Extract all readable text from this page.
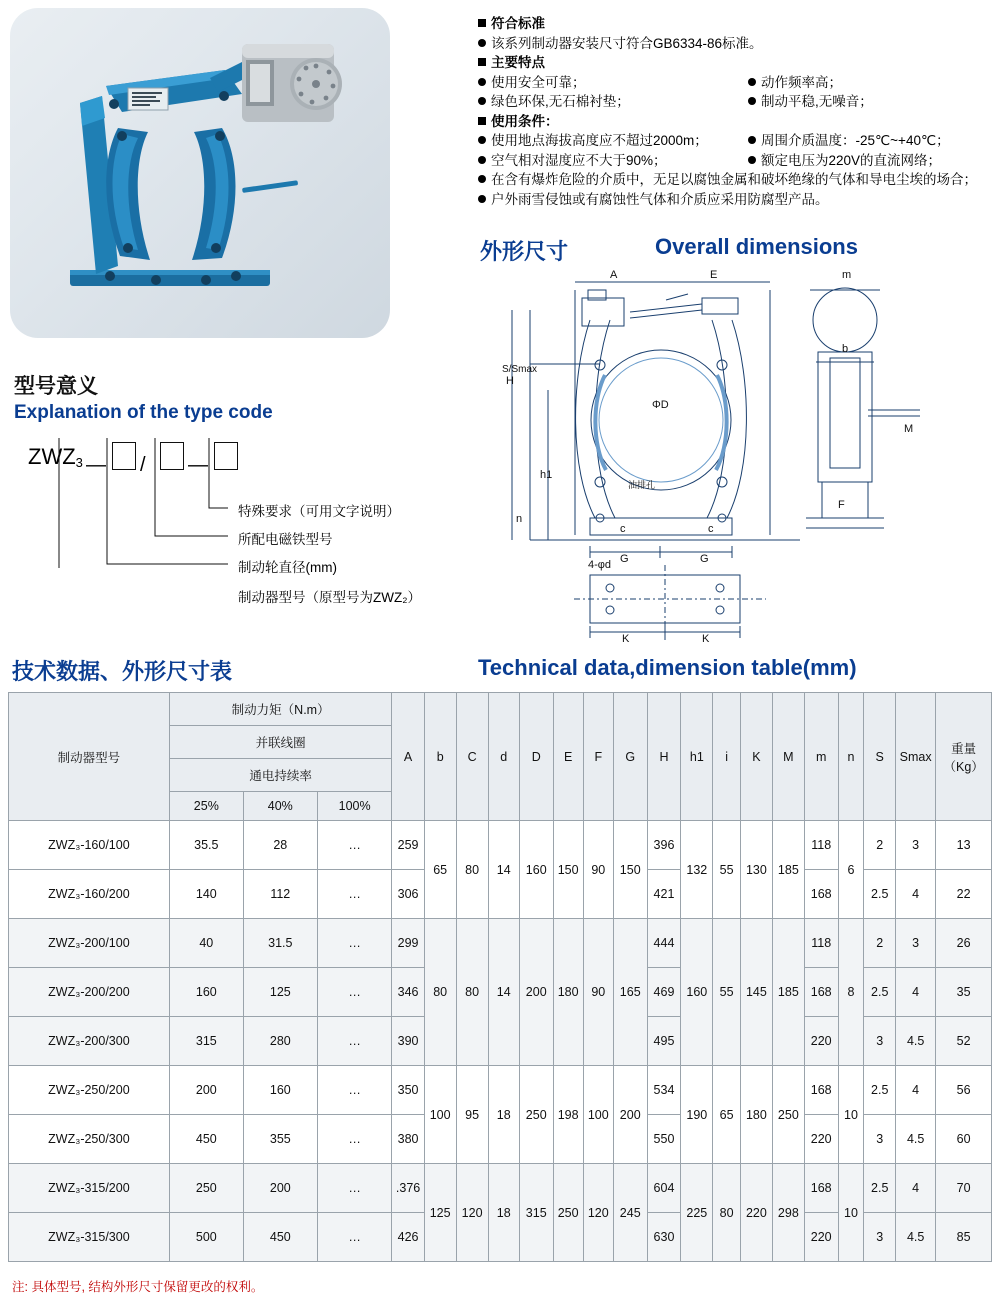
符合标准
该系列制动器安装尺寸符合GB6334-86标准。
主要特点
使用安全可靠；	动作频率高；
绿色环保,无石棉衬垫；	制动平稳,无噪音；
使用条件：
使用地点海拔高度应不超过2000m；	周围介质温度：-25℃~+40℃；
空气相对湿度应不大于90%；	额定电压为220V的直流网络；
在含有爆炸危险的介质中，无足以腐蚀金属和破坏绝缘的气体和导电尘埃的场合；
户外雨雪侵蚀或有腐蚀性气体和介质应采用防腐型产品。
型号意义
Explanation of the type code
$ZWZ_3$ — / —
特殊要求（可用文字说明）
所配电磁铁型号
制动轮直径(mm)
制动器型号（原型号为ZWZ₂）
外形尺寸	Overall dimensions
A	E	m
H
h1
ΦD
b
M
F
n
c	c
G	G
K	K
4-φd
S/Smax
油排孔
技术数据、外形尺寸表	Technical data,dimension table(mm)
制动器型号	制动力矩（N.m）			A	b	C	d	D	E	F	G	H	h1	i	K	M	m	n	S	Smax	重量
（Kg）

	并联线圈																				
	通电持续率																				
	25%	40%	100%																		
ZWZ₃-160/100	35.5	28	…	259	65	80	14	160	150	90	150	396	132	55	130	185	118	6	2	3	13
ZWZ₃-160/200	140	112	…	306								421					168		2.5	4	22
ZWZ₃-200/100	40	31.5	…	299	80	80	14	200	180	90	165	444	160	55	145	185	118	8	2	3	26
ZWZ₃-200/200	160	125	…	346								469					168		2.5	4	35
ZWZ₃-200/300	315	280	…	390								495					220		3	4.5	52
ZWZ₃-250/200	200	160	…	350	100	95	18	250	198	100	200	534	190	65	180	250	168	10	2.5	4	56
ZWZ₃-250/300	450	355	…	380								550					220		3	4.5	60
ZWZ₃-315/200	250	200	…	.376	125	120	18	315	250	120	245	604	225	80	220	298	168	10	2.5	4	70
ZWZ₃-315/300	500	450	…	426								630					220		3	4.5	85
注: 具体型号, 结构外形尺寸保留更改的权利。
